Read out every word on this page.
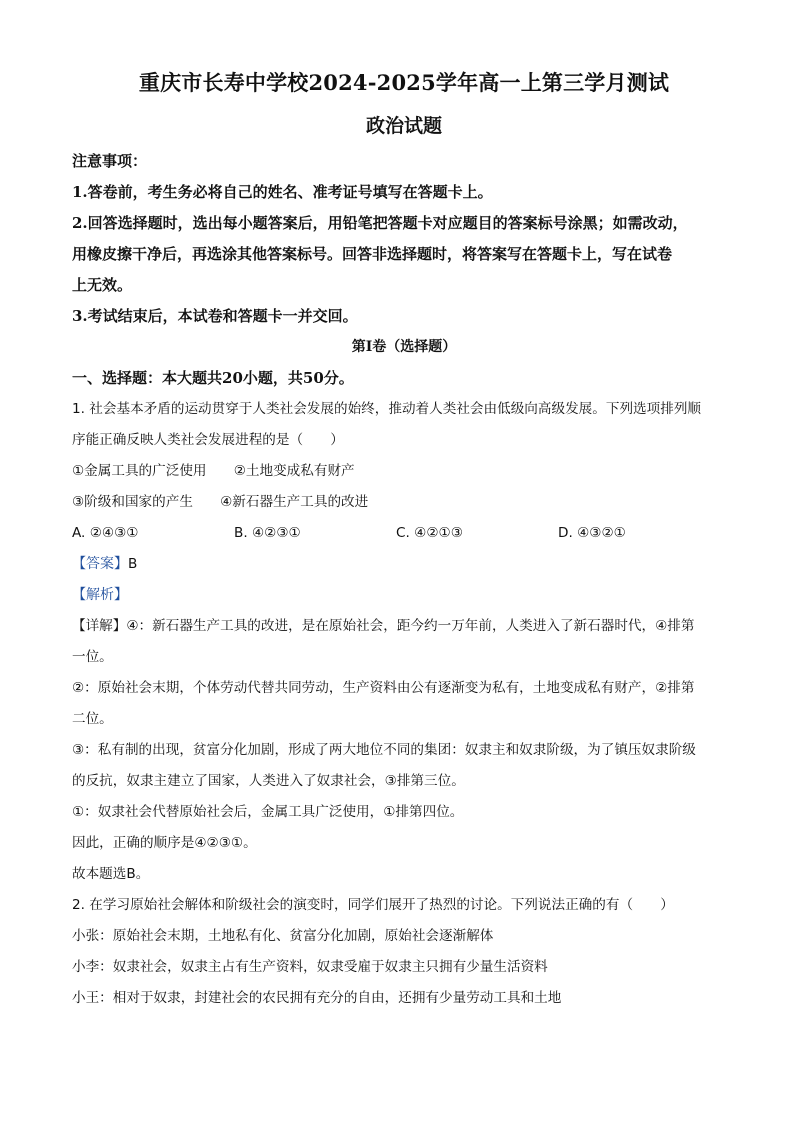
重庆市长寿中学校2024-2025学年高一上第三学月测试
政治试题
注意事项：
1.答卷前，考生务必将自己的姓名、准考证号填写在答题卡上。
2.回答选择题时，选出每小题答案后，用铅笔把答题卡对应题目的答案标号涂黑；如需改动，
用橡皮擦干净后，再选涂其他答案标号。回答非选择题时，将答案写在答题卡上，写在试卷
上无效。
3.考试结束后，本试卷和答题卡一并交回。
第Ⅰ卷（选择题）
一、选择题：本大题共20小题，共50分。
1. 社会基本矛盾的运动贯穿于人类社会发展的始终，推动着人类社会由低级向高级发展。下列选项排列顺
序能正确反映人类社会发展进程的是（　　）
①金属工具的广泛使用　　②土地变成私有财产
③阶级和国家的产生　　④新石器生产工具的改进
A. ②④③①	B. ④②③①	C. ④②①③	D. ④③②①
【答案】B
【解析】
【详解】④：新石器生产工具的改进，是在原始社会，距今约一万年前，人类进入了新石器时代，④排第
一位。
②：原始社会末期，个体劳动代替共同劳动，生产资料由公有逐渐变为私有，土地变成私有财产，②排第
二位。
③：私有制的出现，贫富分化加剧，形成了两大地位不同的集团：奴隶主和奴隶阶级，为了镇压奴隶阶级
的反抗，奴隶主建立了国家，人类进入了奴隶社会，③排第三位。
①：奴隶社会代替原始社会后，金属工具广泛使用，①排第四位。
因此，正确的顺序是④②③①。
故本题选B。
2. 在学习原始社会解体和阶级社会的演变时，同学们展开了热烈的讨论。下列说法正确的有（　　）
小张：原始社会末期，土地私有化、贫富分化加剧，原始社会逐渐解体
小李：奴隶社会，奴隶主占有生产资料，奴隶受雇于奴隶主只拥有少量生活资料
小王：相对于奴隶，封建社会的农民拥有充分的自由，还拥有少量劳动工具和土地
